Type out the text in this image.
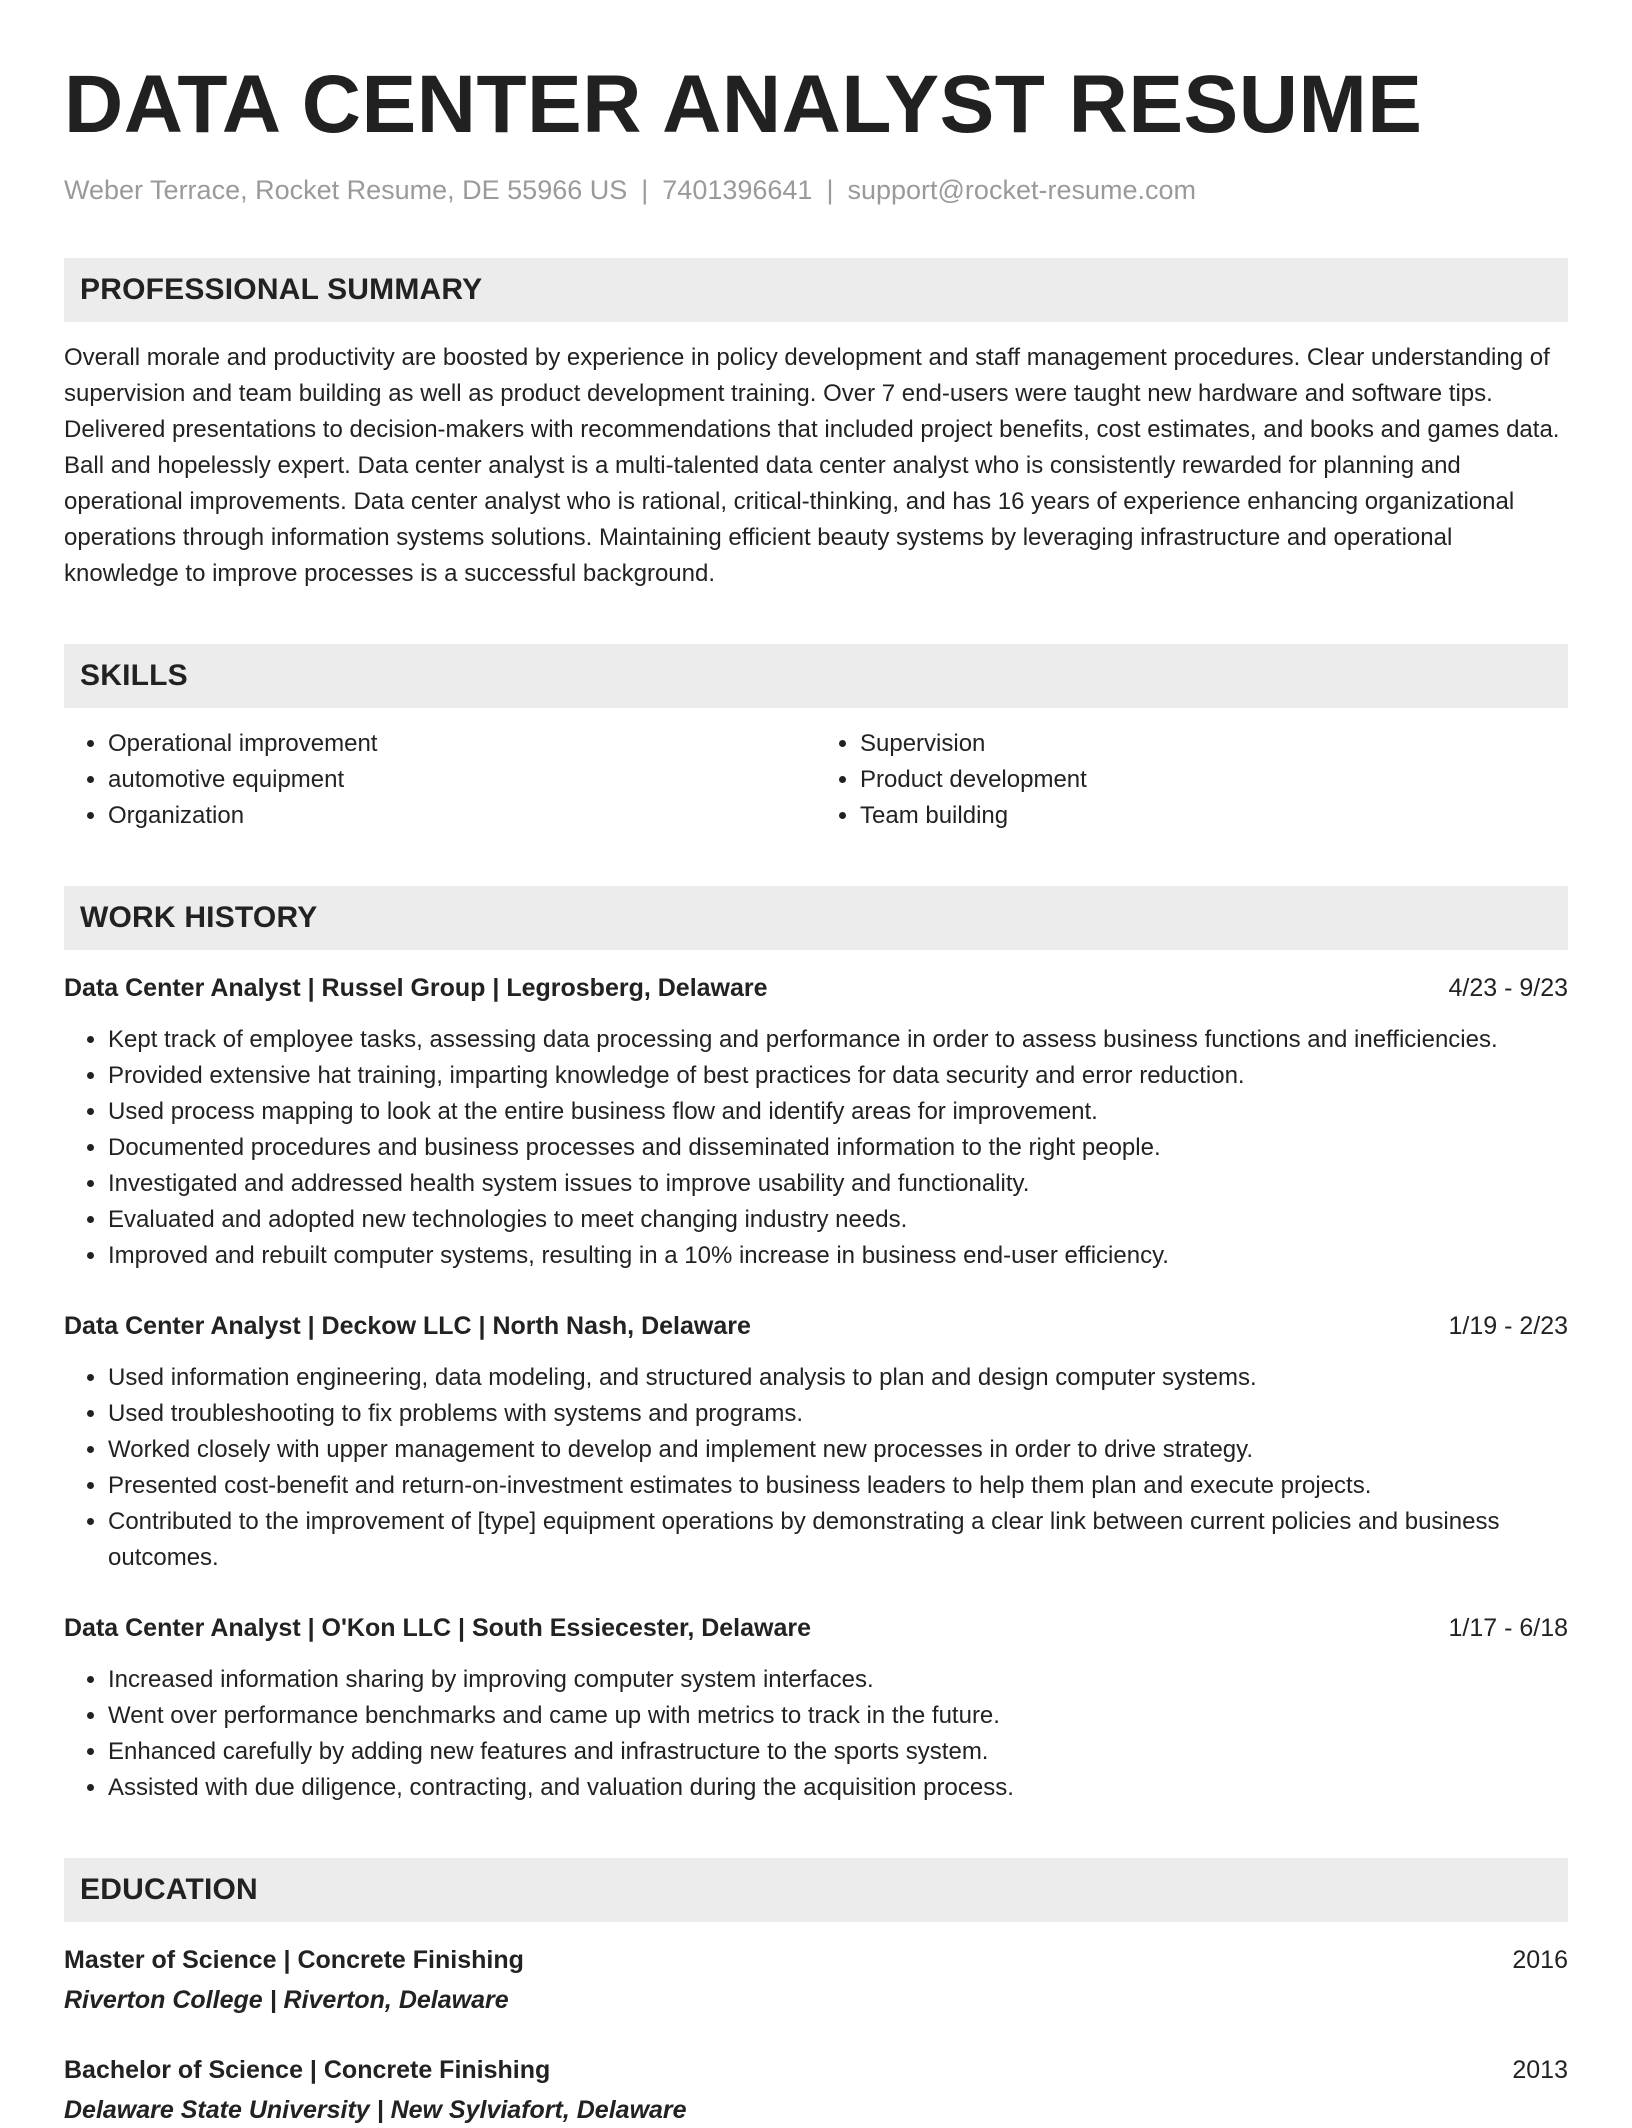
DATA CENTER ANALYST RESUME
Weber Terrace, Rocket Resume, DE 55966 US | 7401396641 | support@rocket-resume.com
PROFESSIONAL SUMMARY
Overall morale and productivity are boosted by experience in policy development and staff management procedures. Clear understanding of supervision and team building as well as product development training. Over 7 end-users were taught new hardware and software tips. Delivered presentations to decision-makers with recommendations that included project benefits, cost estimates, and books and games data. Ball and hopelessly expert. Data center analyst is a multi-talented data center analyst who is consistently rewarded for planning and operational improvements. Data center analyst who is rational, critical-thinking, and has 16 years of experience enhancing organizational operations through information systems solutions. Maintaining efficient beauty systems by leveraging infrastructure and operational knowledge to improve processes is a successful background.
SKILLS
• Operational improvement
• automotive equipment
• Organization
• Supervision
• Product development
• Team building
WORK HISTORY
Data Center Analyst | Russel Group | Legrosberg, Delaware	4/23 - 9/23
• Kept track of employee tasks, assessing data processing and performance in order to assess business functions and inefficiencies.
• Provided extensive hat training, imparting knowledge of best practices for data security and error reduction.
• Used process mapping to look at the entire business flow and identify areas for improvement.
• Documented procedures and business processes and disseminated information to the right people.
• Investigated and addressed health system issues to improve usability and functionality.
• Evaluated and adopted new technologies to meet changing industry needs.
• Improved and rebuilt computer systems, resulting in a 10% increase in business end-user efficiency.
Data Center Analyst | Deckow LLC | North Nash, Delaware	1/19 - 2/23
• Used information engineering, data modeling, and structured analysis to plan and design computer systems.
• Used troubleshooting to fix problems with systems and programs.
• Worked closely with upper management to develop and implement new processes in order to drive strategy.
• Presented cost-benefit and return-on-investment estimates to business leaders to help them plan and execute projects.
• Contributed to the improvement of [type] equipment operations by demonstrating a clear link between current policies and business outcomes.
Data Center Analyst | O'Kon LLC | South Essiecester, Delaware	1/17 - 6/18
• Increased information sharing by improving computer system interfaces.
• Went over performance benchmarks and came up with metrics to track in the future.
• Enhanced carefully by adding new features and infrastructure to the sports system.
• Assisted with due diligence, contracting, and valuation during the acquisition process.
EDUCATION
Master of Science | Concrete Finishing	2016
Riverton College | Riverton, Delaware
Bachelor of Science | Concrete Finishing	2013
Delaware State University | New Sylviafort, Delaware
